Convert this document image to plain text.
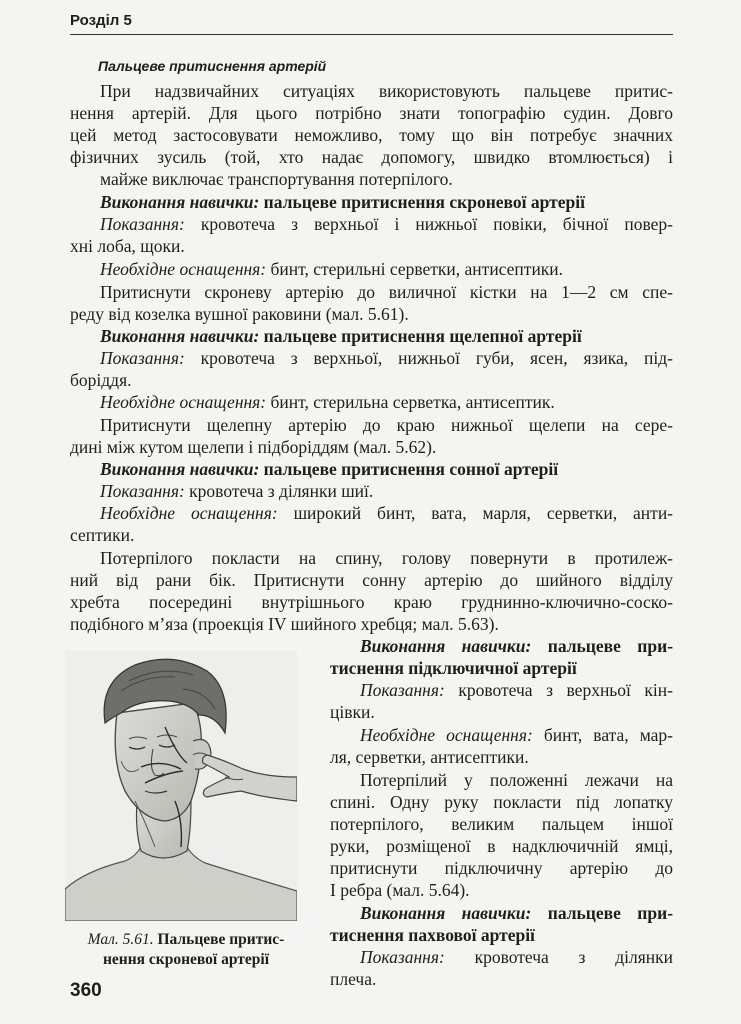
Розділ 5
Пальцеве притиснення артерій
При надзвичайних ситуаціях використовують пальцеве притис-
нення артерій. Для цього потрібно знати топографію судин. Довго
цей метод застосовувати неможливо, тому що він потребує значних
фізичних зусиль (той, хто надає допомогу, швидко втомлюється) і
майже виключає транспортування потерпілого.
Виконання навички: пальцеве притиснення скроневої артерії
Показання: кровотеча з верхньої і нижньої повіки, бічної повер-
хні лоба, щоки.
Необхідне оснащення: бинт, стерильні серветки, антисептики.
Притиснути скроневу артерію до виличної кістки на 1—2 см спе-
реду від козелка вушної раковини (мал. 5.61).
Виконання навички: пальцеве притиснення щелепної артерії
Показання: кровотеча з верхньої, нижньої губи, ясен, язика, під-
боріддя.
Необхідне оснащення: бинт, стерильна серветка, антисептик.
Притиснути щелепну артерію до краю нижньої щелепи на сере-
дині між кутом щелепи і підборіддям (мал. 5.62).
Виконання навички: пальцеве притиснення сонної артерії
Показання: кровотеча з ділянки шиї.
Необхідне оснащення: широкий бинт, вата, марля, серветки, анти-
септики.
Потерпілого покласти на спину, голову повернути в протилеж-
ний від рани бік. Притиснути сонну артерію до шийного відділу
хребта посередині внутрішнього краю груднинно-ключично-соско-
подібного м’яза (проекція IV шийного хребця; мал. 5.63).
Виконання навички: пальцеве при-
тиснення підключичної артерії
Показання: кровотеча з верхньої кін-
цівки.
Необхідне оснащення: бинт, вата, мар-
ля, серветки, антисептики.
Потерпілий у положенні лежачи на
спині. Одну руку покласти під лопатку
потерпілого, великим пальцем іншої
руки, розміщеної в надключичній ямці,
притиснути підключичну артерію до
I ребра (мал. 5.64).
Виконання навички: пальцеве при-
тиснення пахвової артерії
Показання: кровотеча з ділянки
плеча.
Мал. 5.61. Пальцеве притис-
нення скроневої артерії
360
